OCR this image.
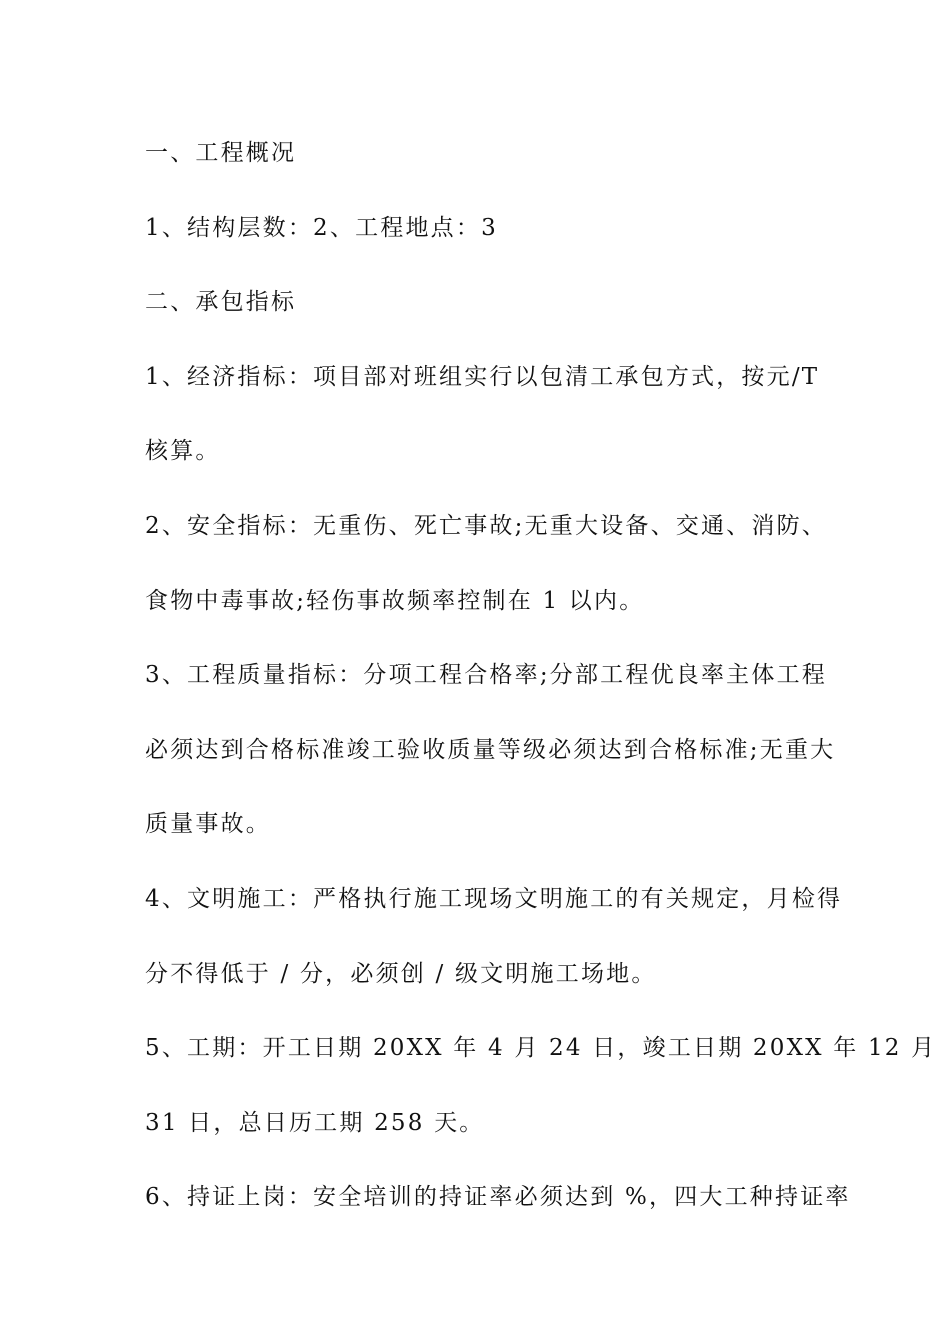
一、工程概况
1、结构层数：2、工程地点：3
二、承包指标
1、经济指标：项目部对班组实行以包清工承包方式，按元/T
核算。
2、安全指标：无重伤、死亡事故;无重大设备、交通、消防、
食物中毒事故;轻伤事故频率控制在 1 以内。
3、工程质量指标：分项工程合格率;分部工程优良率主体工程
必须达到合格标准竣工验收质量等级必须达到合格标准;无重大
质量事故。
4、文明施工：严格执行施工现场文明施工的有关规定，月检得
分不得低于 / 分，必须创 / 级文明施工场地。
5、工期：开工日期 20XX 年 4 月 24 日，竣工日期 20XX 年 12 月
31 日，总日历工期 258 天。
6、持证上岗：安全培训的持证率必须达到 %，四大工种持证率
